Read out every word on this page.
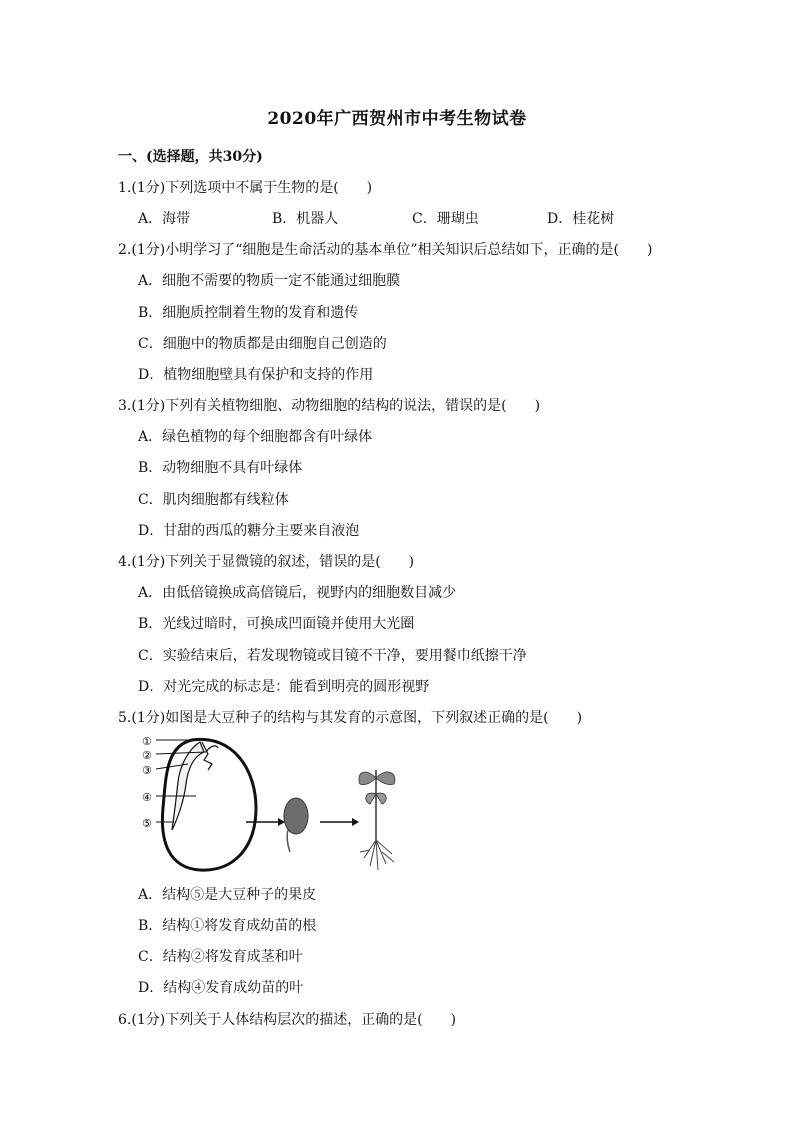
2020年广西贺州市中考生物试卷
一、(选择题，共30分)
1.(1分)下列选项中不属于生物的是(　　)
A．海带	B．机器人	C．珊瑚虫	D．桂花树
2.(1分)小明学习了“细胞是生命活动的基本单位”相关知识后总结如下，正确的是(　　)
A．细胞不需要的物质一定不能通过细胞膜
B．细胞质控制着生物的发育和遗传
C．细胞中的物质都是由细胞自己创造的
D．植物细胞壁具有保护和支持的作用
3.(1分)下列有关植物细胞、动物细胞的结构的说法，错误的是(　　)
A．绿色植物的每个细胞都含有叶绿体
B．动物细胞不具有叶绿体
C．肌肉细胞都有线粒体
D．甘甜的西瓜的糖分主要来自液泡
4.(1分)下列关于显微镜的叙述，错误的是(　　)
A．由低倍镜换成高倍镜后，视野内的细胞数目减少
B．光线过暗时，可换成凹面镜并使用大光圈
C．实验结束后，若发现物镜或目镜不干净，要用餐巾纸擦干净
D．对光完成的标志是：能看到明亮的圆形视野
5.(1分)如图是大豆种子的结构与其发育的示意图，下列叙述正确的是(　　)
①
②
③
④
⑤
A．结构⑤是大豆种子的果皮
B．结构①将发育成幼苗的根
C．结构②将发育成茎和叶
D．结构④发育成幼苗的叶
6.(1分)下列关于人体结构层次的描述，正确的是(　　)
